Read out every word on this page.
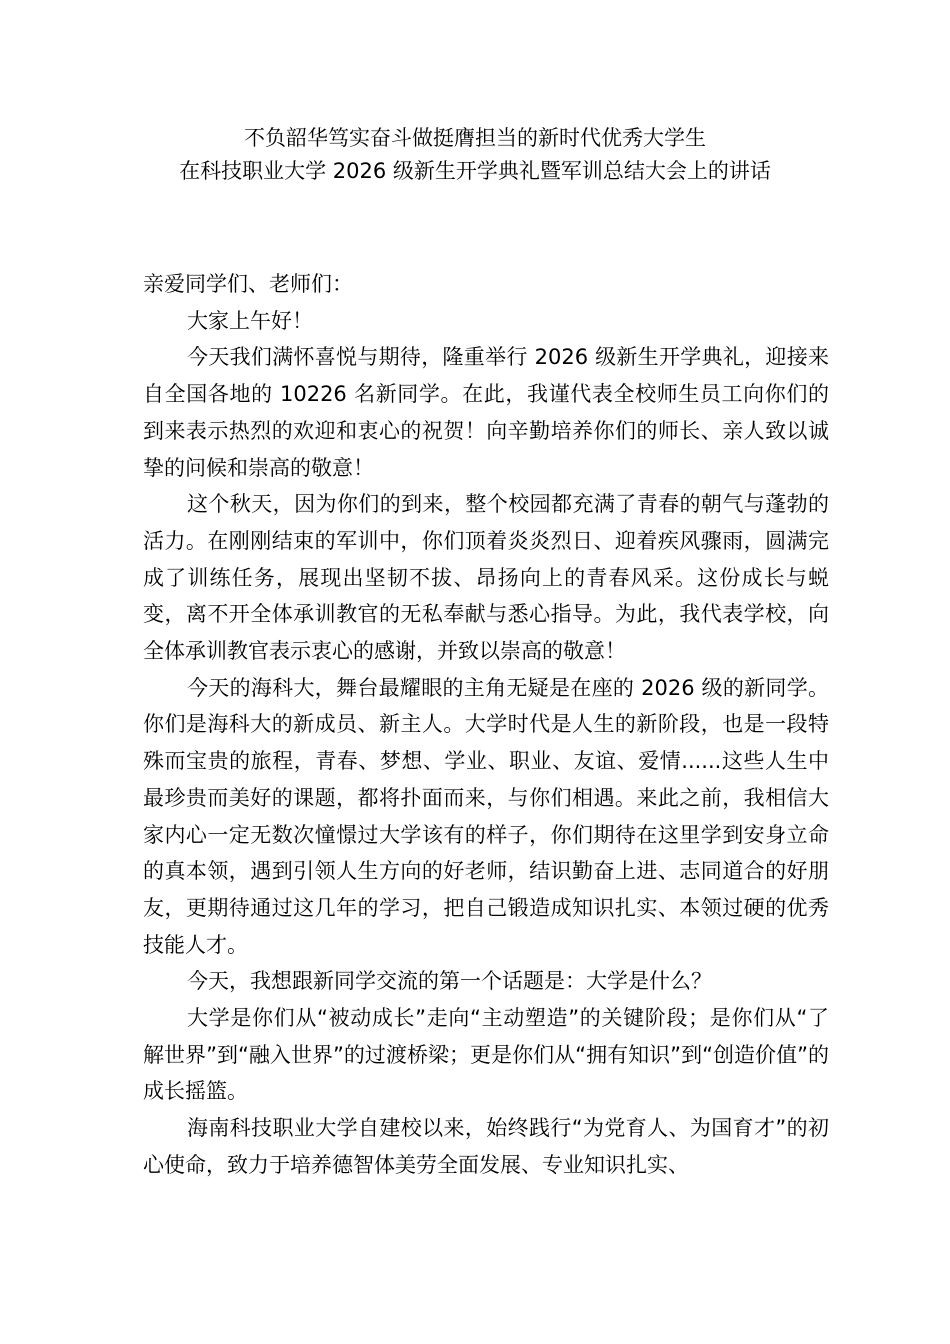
不负韶华笃实奋斗做挺膺担当的新时代优秀大学生
在科技职业大学 2026 级新生开学典礼暨军训总结大会上的讲话

亲爱同学们、老师们：

大家上午好！

今天我们满怀喜悦与期待，隆重举行 2026 级新生开学典礼，迎接来自全国各地的 10226 名新同学。在此，我谨代表全校师生员工向你们的到来表示热烈的欢迎和衷心的祝贺！向辛勤培养你们的师长、亲人致以诚挚的问候和崇高的敬意！

这个秋天，因为你们的到来，整个校园都充满了青春的朝气与蓬勃的活力。在刚刚结束的军训中，你们顶着炎炎烈日、迎着疾风骤雨，圆满完成了训练任务，展现出坚韧不拔、昂扬向上的青春风采。这份成长与蜕变，离不开全体承训教官的无私奉献与悉心指导。为此，我代表学校，向全体承训教官表示衷心的感谢，并致以崇高的敬意！

今天的海科大，舞台最耀眼的主角无疑是在座的 2026 级的新同学。你们是海科大的新成员、新主人。大学时代是人生的新阶段，也是一段特殊而宝贵的旅程，青春、梦想、学业、职业、友谊、爱情......这些人生中最珍贵而美好的课题，都将扑面而来，与你们相遇。来此之前，我相信大家内心一定无数次憧憬过大学该有的样子，你们期待在这里学到安身立命的真本领，遇到引领人生方向的好老师，结识勤奋上进、志同道合的好朋友，更期待通过这几年的学习，把自己锻造成知识扎实、本领过硬的优秀技能人才。

今天，我想跟新同学交流的第一个话题是：大学是什么？

大学是你们从“被动成长”走向“主动塑造”的关键阶段；是你们从“了解世界”到“融入世界”的过渡桥梁；更是你们从“拥有知识”到“创造价值”的成长摇篮。

海南科技职业大学自建校以来，始终践行“为党育人、为国育才”的初心使命，致力于培养德智体美劳全面发展、专业知识扎实、
